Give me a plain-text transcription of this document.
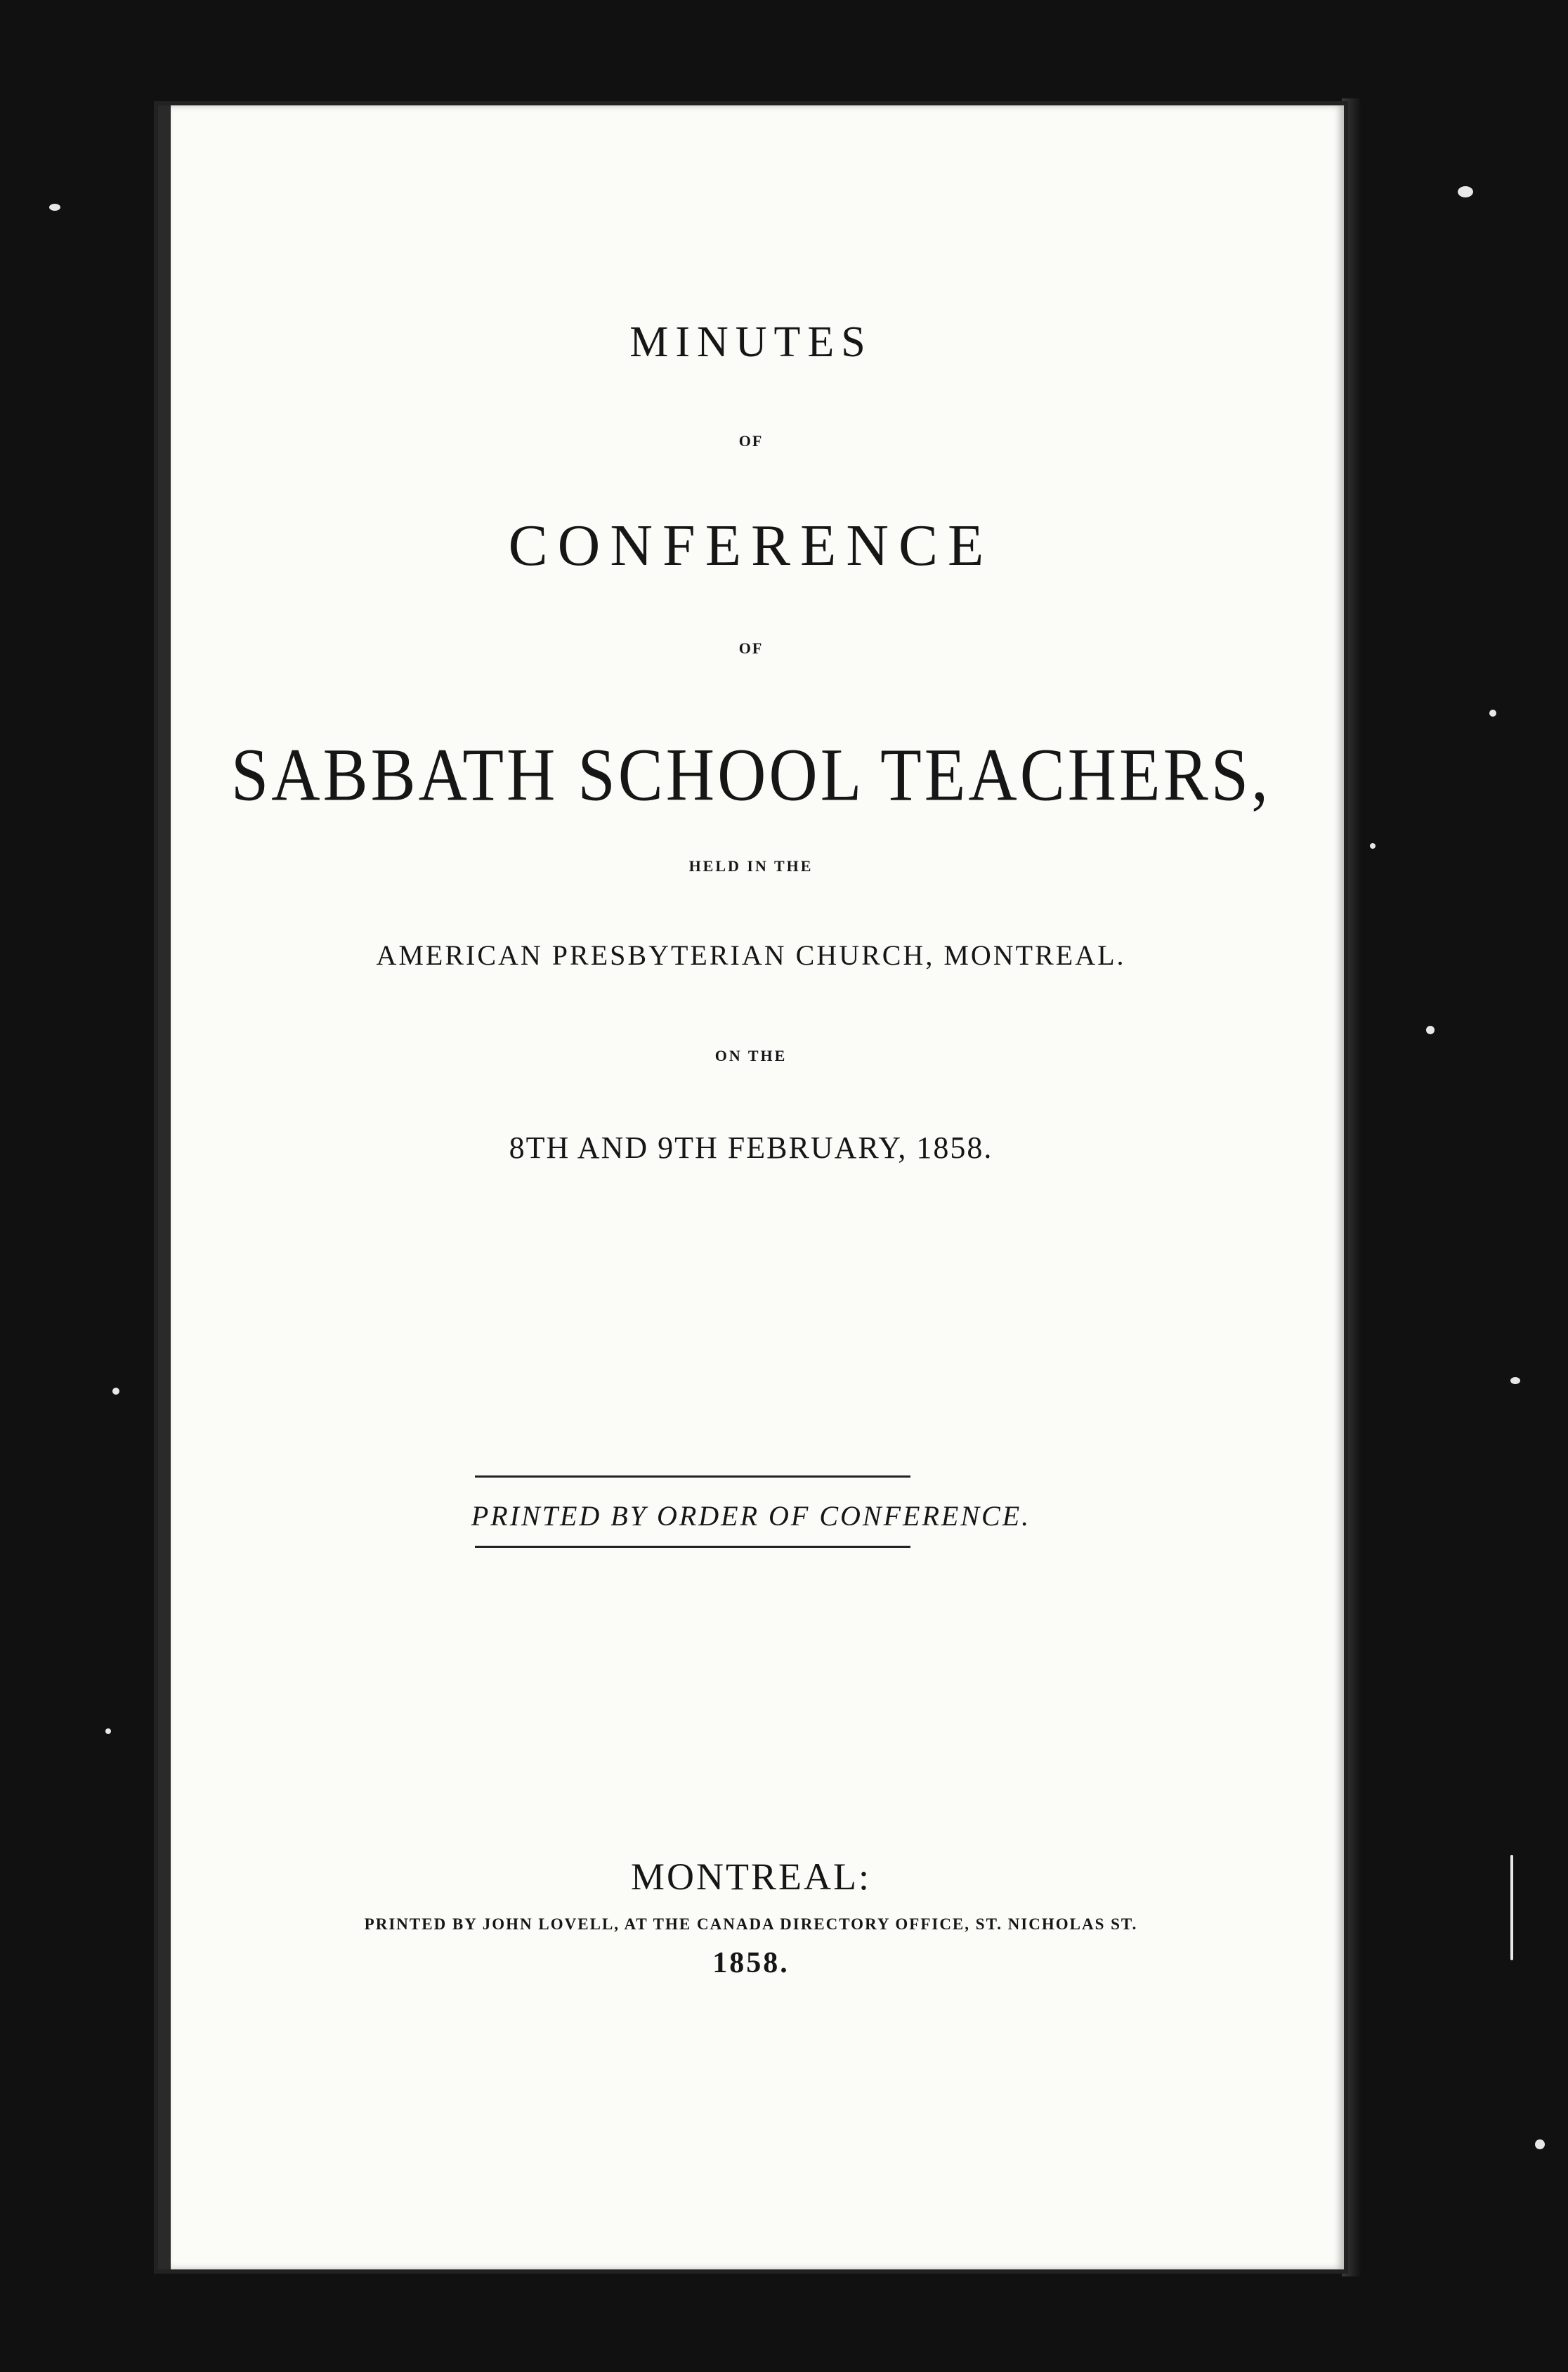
MINUTES
OF
CONFERENCE
OF
SABBATH SCHOOL TEACHERS,
HELD IN THE
AMERICAN PRESBYTERIAN CHURCH, MONTREAL.
ON THE
8TH AND 9TH FEBRUARY, 1858.
PRINTED BY ORDER OF CONFERENCE.
MONTREAL:
PRINTED BY JOHN LOVELL, AT THE CANADA DIRECTORY OFFICE, ST. NICHOLAS ST.
1858.
